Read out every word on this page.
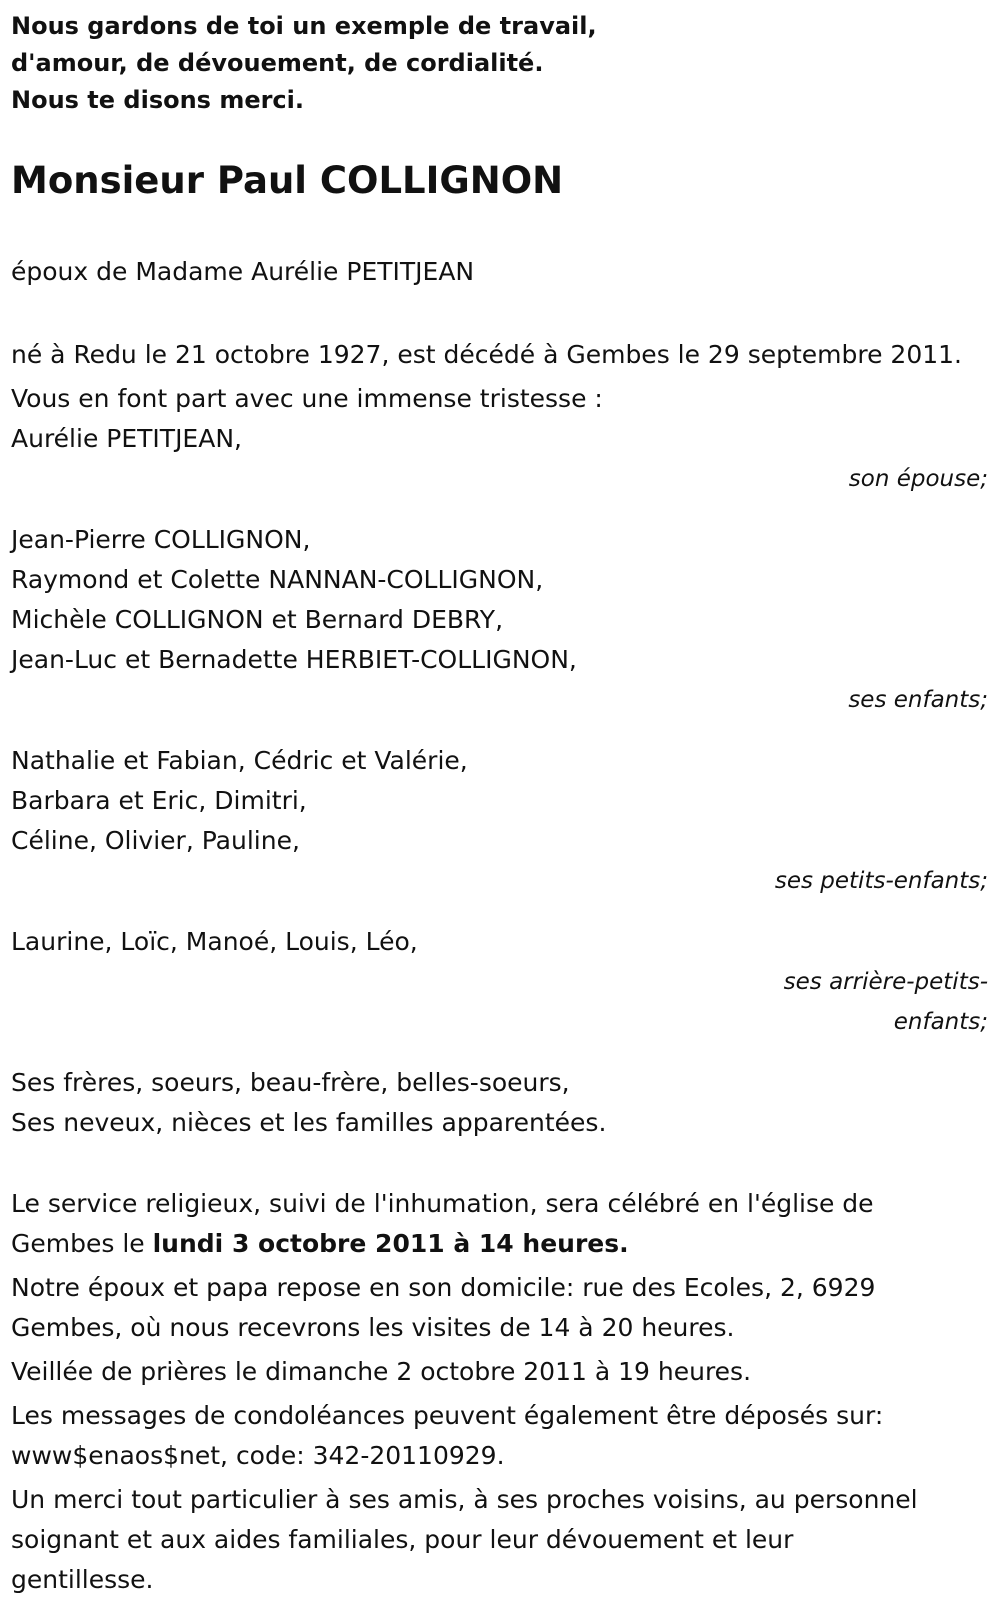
Nous gardons de toi un exemple de travail,
d'amour, de dévouement, de cordialité.
Nous te disons merci.
Monsieur Paul COLLIGNON
époux de Madame Aurélie PETITJEAN
né à Redu le 21 octobre 1927, est décédé à Gembes le 29 septembre 2011.
Vous en font part avec une immense tristesse :
Aurélie PETITJEAN,
son épouse;
Jean-Pierre COLLIGNON,
Raymond et Colette NANNAN-COLLIGNON,
Michèle COLLIGNON et Bernard DEBRY,
Jean-Luc et Bernadette HERBIET-COLLIGNON,
ses enfants;
Nathalie et Fabian, Cédric et Valérie,
Barbara et Eric, Dimitri,
Céline, Olivier, Pauline,
ses petits-enfants;
Laurine, Loïc, Manoé, Louis, Léo,
ses arrière-petits-
enfants;
Ses frères, soeurs, beau-frère, belles-soeurs,
Ses neveux, nièces et les familles apparentées.
Le service religieux, suivi de l'inhumation, sera célébré en l'église de
Gembes le lundi 3 octobre 2011 à 14 heures.
Notre époux et papa repose en son domicile: rue des Ecoles, 2, 6929
Gembes, où nous recevrons les visites de 14 à 20 heures.
Veillée de prières le dimanche 2 octobre 2011 à 19 heures.
Les messages de condoléances peuvent également être déposés sur:
www$enaos$net, code: 342-20110929.
Un merci tout particulier à ses amis, à ses proches voisins, au personnel
soignant et aux aides familiales, pour leur dévouement et leur
gentillesse.
